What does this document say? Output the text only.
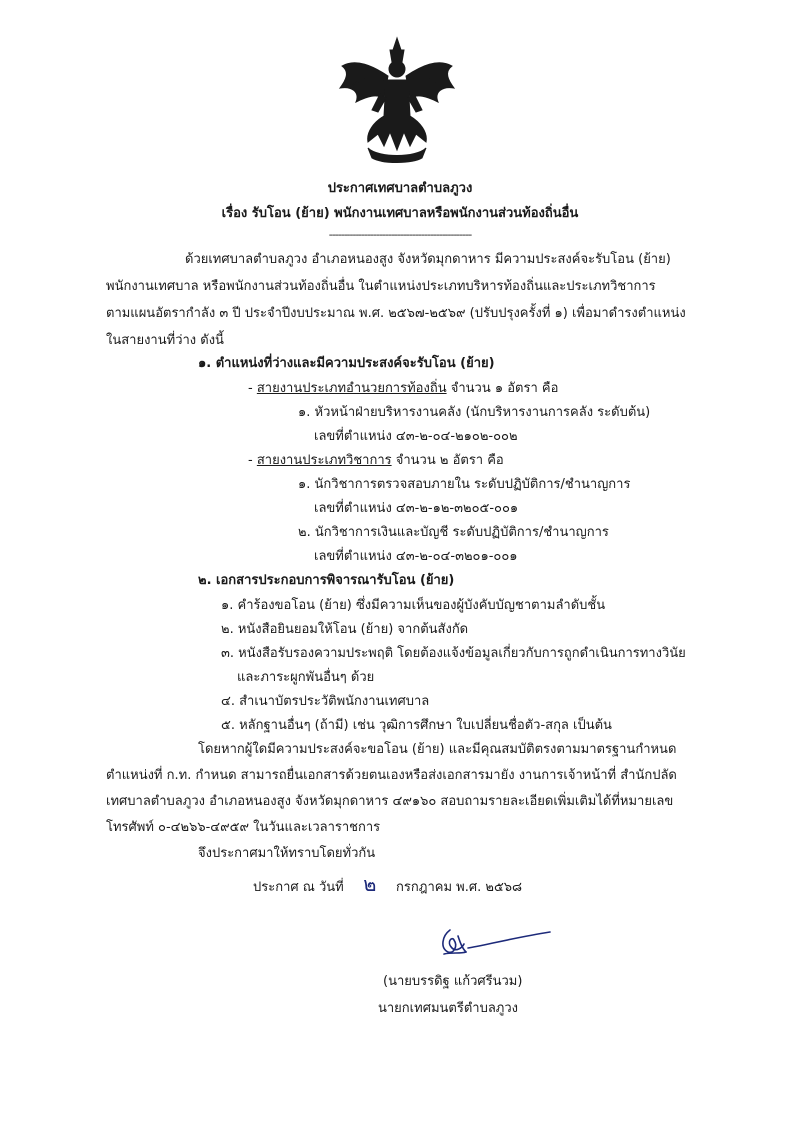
ประกาศเทศบาลตำบลภูวง
เรื่อง รับโอน (ย้าย) พนักงานเทศบาลหรือพนักงานส่วนท้องถิ่นอื่น
------------------------------------------------
ด้วยเทศบาลตำบลภูวง อำเภอหนองสูง จังหวัดมุกดาหาร มีความประสงค์จะรับโอน (ย้าย)
พนักงานเทศบาล หรือพนักงานส่วนท้องถิ่นอื่น ในตำแหน่งประเภทบริหารท้องถิ่นและประเภทวิชาการ
ตามแผนอัตรากำลัง ๓ ปี ประจำปีงบประมาณ พ.ศ. ๒๕๖๗-๒๕๖๙ (ปรับปรุงครั้งที่ ๑) เพื่อมาดำรงตำแหน่ง
ในสายงานที่ว่าง ดังนี้
๑. ตำแหน่งที่ว่างและมีความประสงค์จะรับโอน (ย้าย)
- สายงานประเภทอำนวยการท้องถิ่น จำนวน ๑ อัตรา คือ
๑. หัวหน้าฝ่ายบริหารงานคลัง (นักบริหารงานการคลัง ระดับต้น)
เลขที่ตำแหน่ง ๔๓-๒-๐๔-๒๑๐๒-๐๐๒
- สายงานประเภทวิชาการ จำนวน ๒ อัตรา คือ
๑. นักวิชาการตรวจสอบภายใน ระดับปฏิบัติการ/ชำนาญการ
เลขที่ตำแหน่ง ๔๓-๒-๑๒-๓๒๐๕-๐๐๑
๒. นักวิชาการเงินและบัญชี ระดับปฏิบัติการ/ชำนาญการ
เลขที่ตำแหน่ง ๔๓-๒-๐๔-๓๒๐๑-๐๐๑
๒. เอกสารประกอบการพิจารณารับโอน (ย้าย)
๑. คำร้องขอโอน (ย้าย) ซึ่งมีความเห็นของผู้บังคับบัญชาตามลำดับชั้น
๒. หนังสือยินยอมให้โอน (ย้าย) จากต้นสังกัด
๓. หนังสือรับรองความประพฤติ โดยต้องแจ้งข้อมูลเกี่ยวกับการถูกดำเนินการทางวินัย
และภาระผูกพันอื่นๆ ด้วย
๔. สำเนาบัตรประวัติพนักงานเทศบาล
๕. หลักฐานอื่นๆ (ถ้ามี) เช่น วุฒิการศึกษา ใบเปลี่ยนชื่อตัว-สกุล เป็นต้น
โดยหากผู้ใดมีความประสงค์จะขอโอน (ย้าย) และมีคุณสมบัติตรงตามมาตรฐานกำหนด
ตำแหน่งที่ ก.ท. กำหนด สามารถยื่นเอกสารด้วยตนเองหรือส่งเอกสารมายัง งานการเจ้าหน้าที่ สำนักปลัด
เทศบาลตำบลภูวง อำเภอหนองสูง จังหวัดมุกดาหาร ๔๙๑๖๐ สอบถามรายละเอียดเพิ่มเติมได้ที่หมายเลข
โทรศัพท์ ๐-๔๒๖๖-๔๙๕๙ ในวันและเวลาราชการ
จึงประกาศมาให้ทราบโดยทั่วกัน
ประกาศ ณ วันที่ ๒ กรกฎาคม พ.ศ. ๒๕๖๘
(นายบรรดิฐ แก้วศรีนวม)
นายกเทศมนตรีตำบลภูวง
